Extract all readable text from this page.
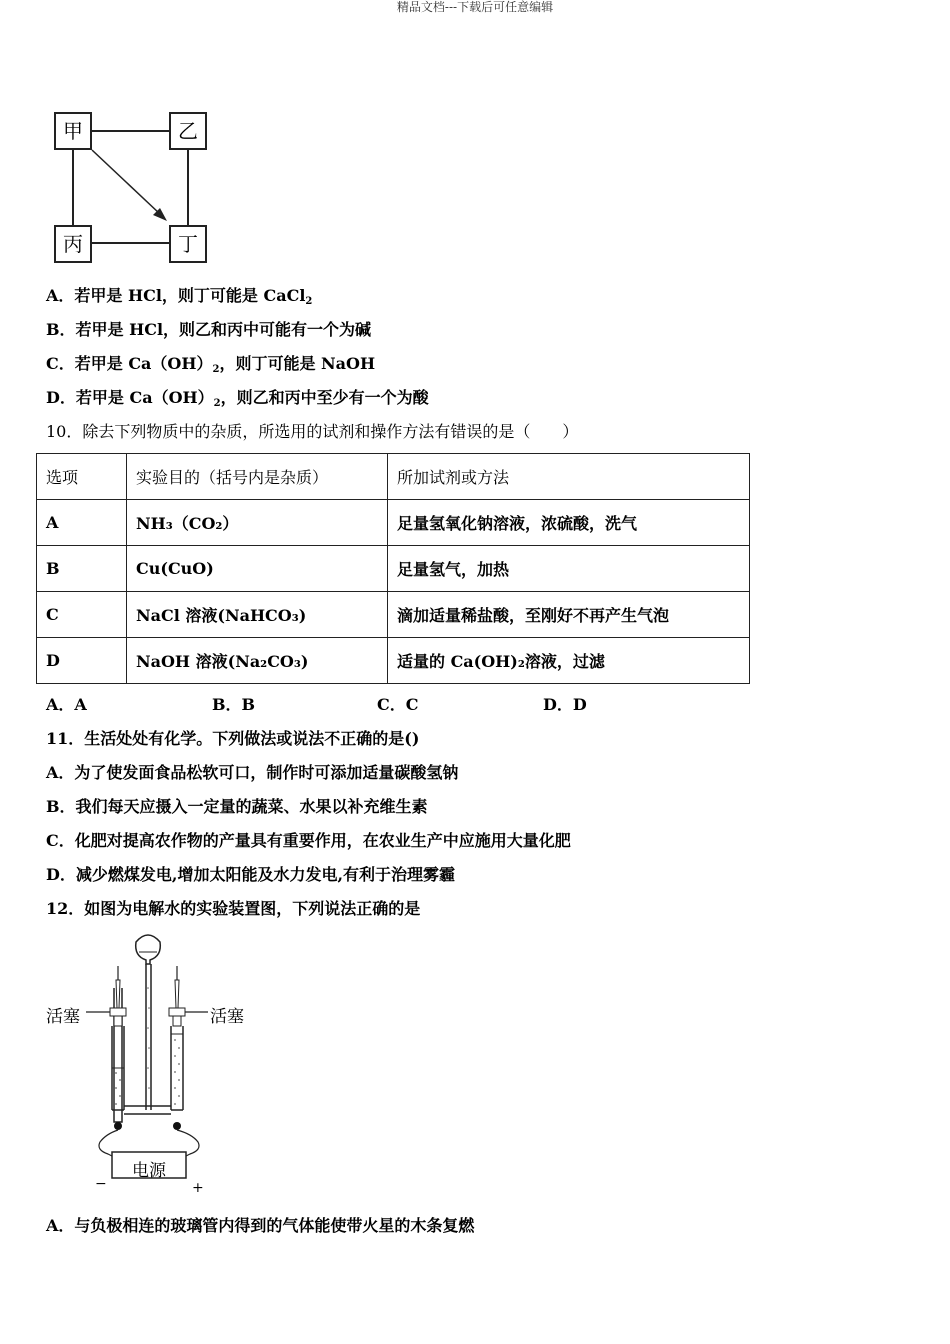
精品文档---下载后可任意编辑
甲	乙
丙	丁
A．若甲是 HCl，则丁可能是 CaCl$_2$
B．若甲是 HCl，则乙和丙中可能有一个为碱
C．若甲是 $Ca(OH)_2$，则丁可能是 NaOH
D．若甲是 $Ca(OH)_2$，则乙和丙中至少有一个为酸
10．除去下列物质中的杂质，所选用的试剂和操作方法有错误的是（　　）
选项	实验目的（括号内是杂质）	所加试剂或方法
A	NH₃（CO₂）	足量氢氧化钠溶液，浓硫酸，洗气
B	Cu(CuO)	足量氢气，加热
C	NaCl 溶液(NaHCO₃)	滴加适量稀盐酸，至刚好不再产生气泡
D	NaOH 溶液(Na₂CO₃)	适量的 Ca(OH)₂溶液，过滤
A．A	B．B	C．C	D．D
11．生活处处有化学。下列做法或说法不正确的是()
A．为了使发面食品松软可口，制作时可添加适量碳酸氢钠
B．我们每天应摄入一定量的蔬菜、水果以补充维生素
C．化肥对提高农作物的产量具有重要作用，在农业生产中应施用大量化肥
D．减少燃煤发电,增加太阳能及水力发电,有利于治理雾霾
12．如图为电解水的实验装置图，下列说法正确的是
活塞	活塞
电源
−	+
A．与负极相连的玻璃管内得到的气体能使带火星的木条复燃
